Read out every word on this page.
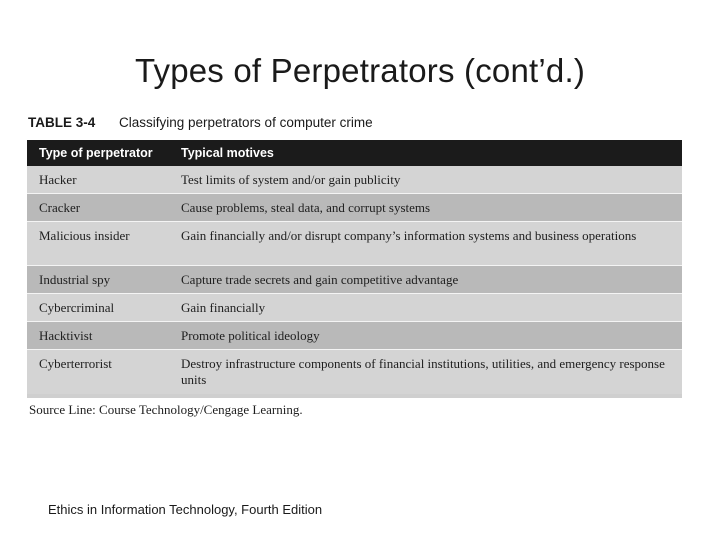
Types of Perpetrators (cont’d.)
TABLE 3-4 Classifying perpetrators of computer crime
Type of perpetrator	Typical motives
Hacker	Test limits of system and/or gain publicity
Cracker	Cause problems, steal data, and corrupt systems
Malicious insider	Gain financially and/or disrupt company’s information systems and business operations
Industrial spy	Capture trade secrets and gain competitive advantage
Cybercriminal	Gain financially
Hacktivist	Promote political ideology
Cyberterrorist	Destroy infrastructure components of financial institutions, utilities, and emergency response units
Source Line: Course Technology/Cengage Learning.
Ethics in Information Technology, Fourth Edition
